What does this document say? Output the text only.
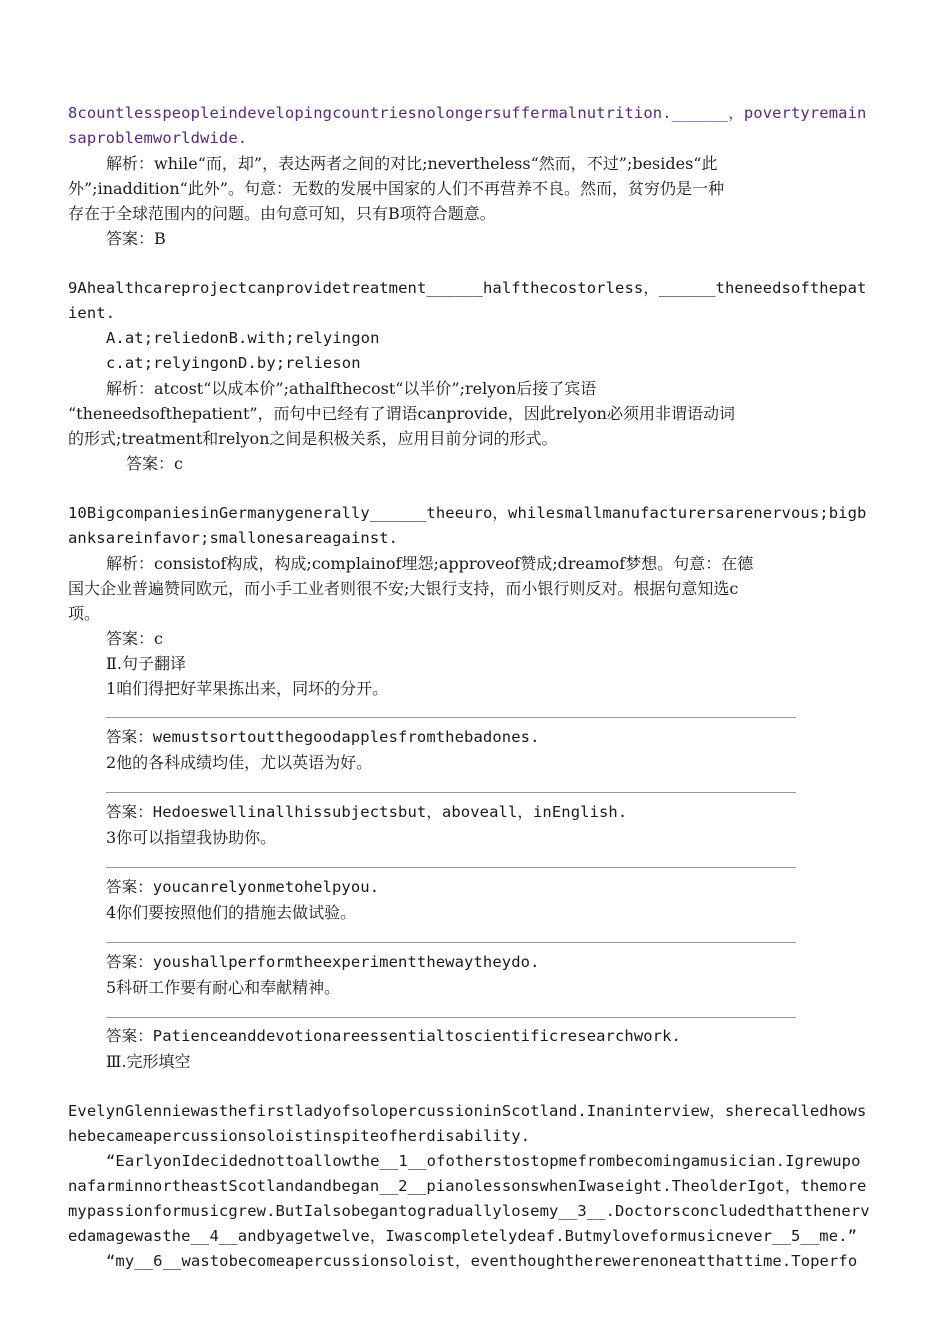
8countlesspeopleindevelopingcountriesnolongersuffermalnutrition.______，povertyremain
saproblemworldwide.
解析：while“而，却”，表达两者之间的对比;nevertheless“然而，不过”;besides“此
外”;inaddition“此外”。句意：无数的发展中国家的人们不再营养不良。然而，贫穷仍是一种
存在于全球范围内的问题。由句意可知，只有B项符合题意。
答案：B
9Ahealthcareprojectcanprovidetreatment______halfthecostorless，______theneedsofthepat
ient.
A.at;reliedonB.with;relyingon
c.at;relyingonD.by;relieson
解析：atcost“以成本价”;athalfthecost“以半价”;relyon后接了宾语
“theneedsofthepatient”，而句中已经有了谓语canprovide，因此relyon必须用非谓语动词
的形式;treatment和relyon之间是积极关系，应用目前分词的形式。
答案：c
10BigcompaniesinGermanygenerally______theeuro，whilesmallmanufacturersarenervous;bigb
anksareinfavor;smallonesareagainst.
解析：consistof构成，构成;complainof埋怨;approveof赞成;dreamof梦想。句意：在德
国大企业普遍赞同欧元，而小手工业者则很不安;大银行支持，而小银行则反对。根据句意知选c
项。
答案：c
Ⅱ.句子翻译
1咱们得把好苹果拣出来，同坏的分开。
答案：wemustsortoutthegoodapplesfromthebadones.
2他的各科成绩均佳，尤以英语为好。
答案：Hedoeswellinallhissubjectsbut，aboveall，inEnglish.
3你可以指望我协助你。
答案：youcanrelyonmetohelpyou.
4你们要按照他们的措施去做试验。
答案：youshallperformtheexperimentthewaytheydo.
5科研工作要有耐心和奉献精神。
答案：Patienceanddevotionareessentialtoscientificresearchwork.
Ⅲ.完形填空
EvelynGlenniewasthefirstladyofsolopercussioninScotland.Inaninterview，sherecalledhows
hebecameapercussionsoloistinspiteofherdisability.
“EarlyonIdecidednottoallowthe__1__ofotherstostopmefrombecomingamusician.Igrewupo
nafarminnortheastScotlandandbegan__2__pianolessonswhenIwaseight.TheolderIgot，themore
mypassionformusicgrew.ButIalsobegantograduallylosemy__3__.Doctorsconcludedthatthenerv
edamagewasthe__4__andbyagetwelve，Iwascompletelydeaf.Butmyloveformusicnever__5__me.”
“my__6__wastobecomeapercussionsoloist，eventhoughtherewerenoneatthattime.Toperfo
